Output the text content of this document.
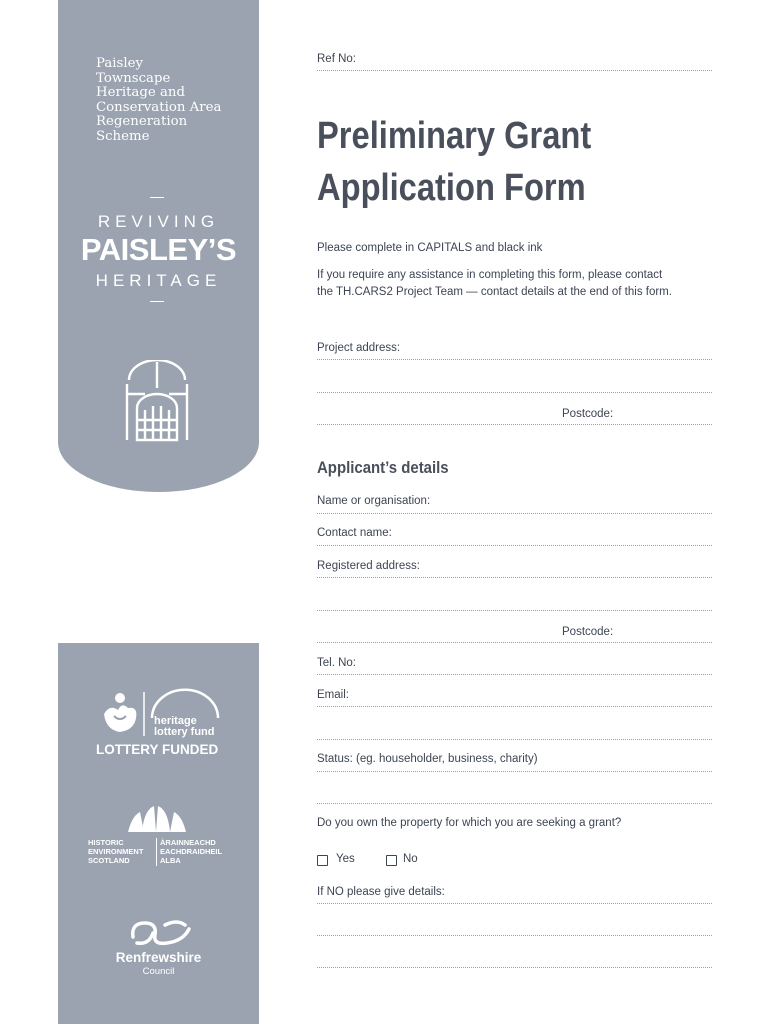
Paisley
Townscape
Heritage and
Conservation Area
Regeneration
Scheme
REVIVING
PAISLEY’S
HERITAGE
heritage
lottery fund
LOTTERY FUNDED
HISTORIC
ENVIRONMENT
SCOTLAND
ÀRAINNEACHD
EACHDRAIDHEIL
ALBA
Renfrewshire
Council
Ref No:
Preliminary Grant
Application Form
Please complete in CAPITALS and black ink
If you require any assistance in completing this form, please contact
the TH.CARS2 Project Team — contact details at the end of this form.
Project address:
Postcode:
Applicant’s details
Name or organisation:
Contact name:
Registered address:
Postcode:
Tel. No:
Email:
Status: (eg. householder, business, charity)
Do you own the property for which you are seeking a grant?
Yes	No
If NO please give details:
